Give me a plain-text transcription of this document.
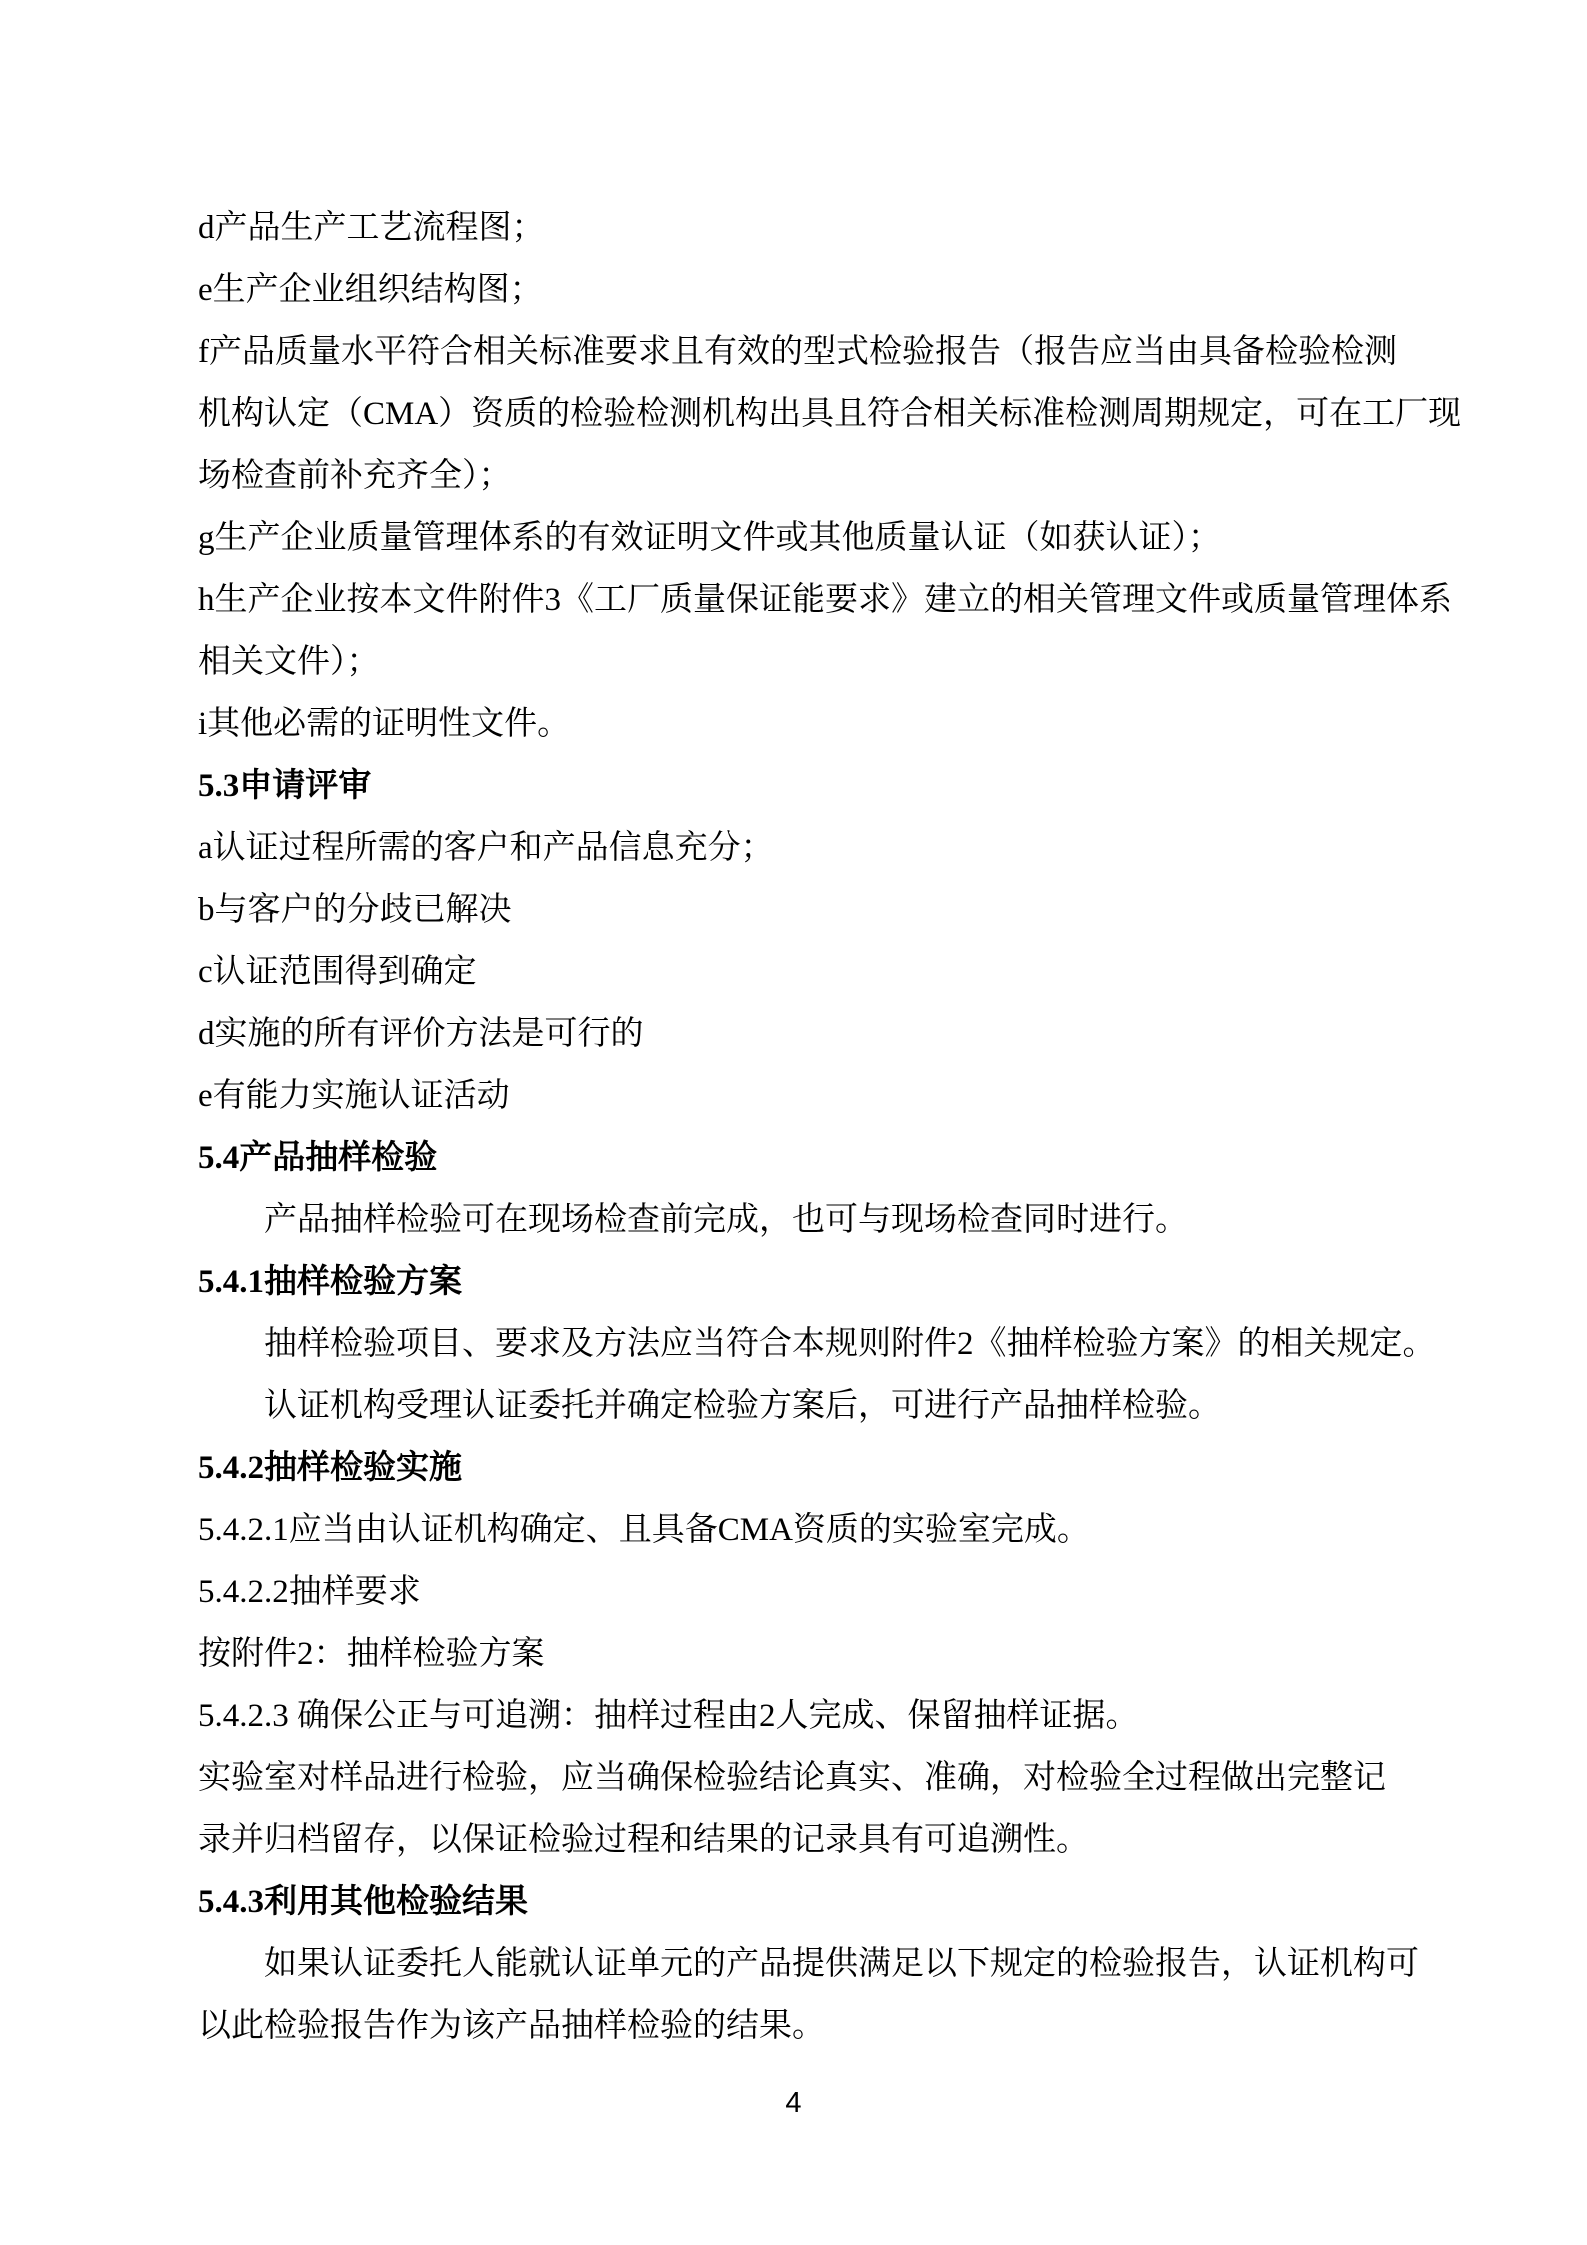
d产品生产工艺流程图；
e生产企业组织结构图；
f产品质量水平符合相关标准要求且有效的型式检验报告（报告应当由具备检验检测
机构认定（CMA）资质的检验检测机构出具且符合相关标准检测周期规定，可在工厂现
场检查前补充齐全）；
g生产企业质量管理体系的有效证明文件或其他质量认证（如获认证）；
h生产企业按本文件附件3《工厂质量保证能要求》建立的相关管理文件或质量管理体系
相关文件）；
i其他必需的证明性文件。
5.3申请评审
a认证过程所需的客户和产品信息充分；
b与客户的分歧已解决
c认证范围得到确定
d实施的所有评价方法是可行的
e有能力实施认证活动
5.4产品抽样检验
产品抽样检验可在现场检查前完成，也可与现场检查同时进行。
5.4.1抽样检验方案
抽样检验项目、要求及方法应当符合本规则附件2《抽样检验方案》的相关规定。
认证机构受理认证委托并确定检验方案后，可进行产品抽样检验。
5.4.2抽样检验实施
5.4.2.1应当由认证机构确定、且具备CMA资质的实验室完成。
5.4.2.2抽样要求
按附件2：抽样检验方案
5.4.2.3 确保公正与可追溯：抽样过程由2人完成、保留抽样证据。
实验室对样品进行检验，应当确保检验结论真实、准确，对检验全过程做出完整记
录并归档留存，以保证检验过程和结果的记录具有可追溯性。
5.4.3利用其他检验结果
如果认证委托人能就认证单元的产品提供满足以下规定的检验报告，认证机构可
以此检验报告作为该产品抽样检验的结果。
4
